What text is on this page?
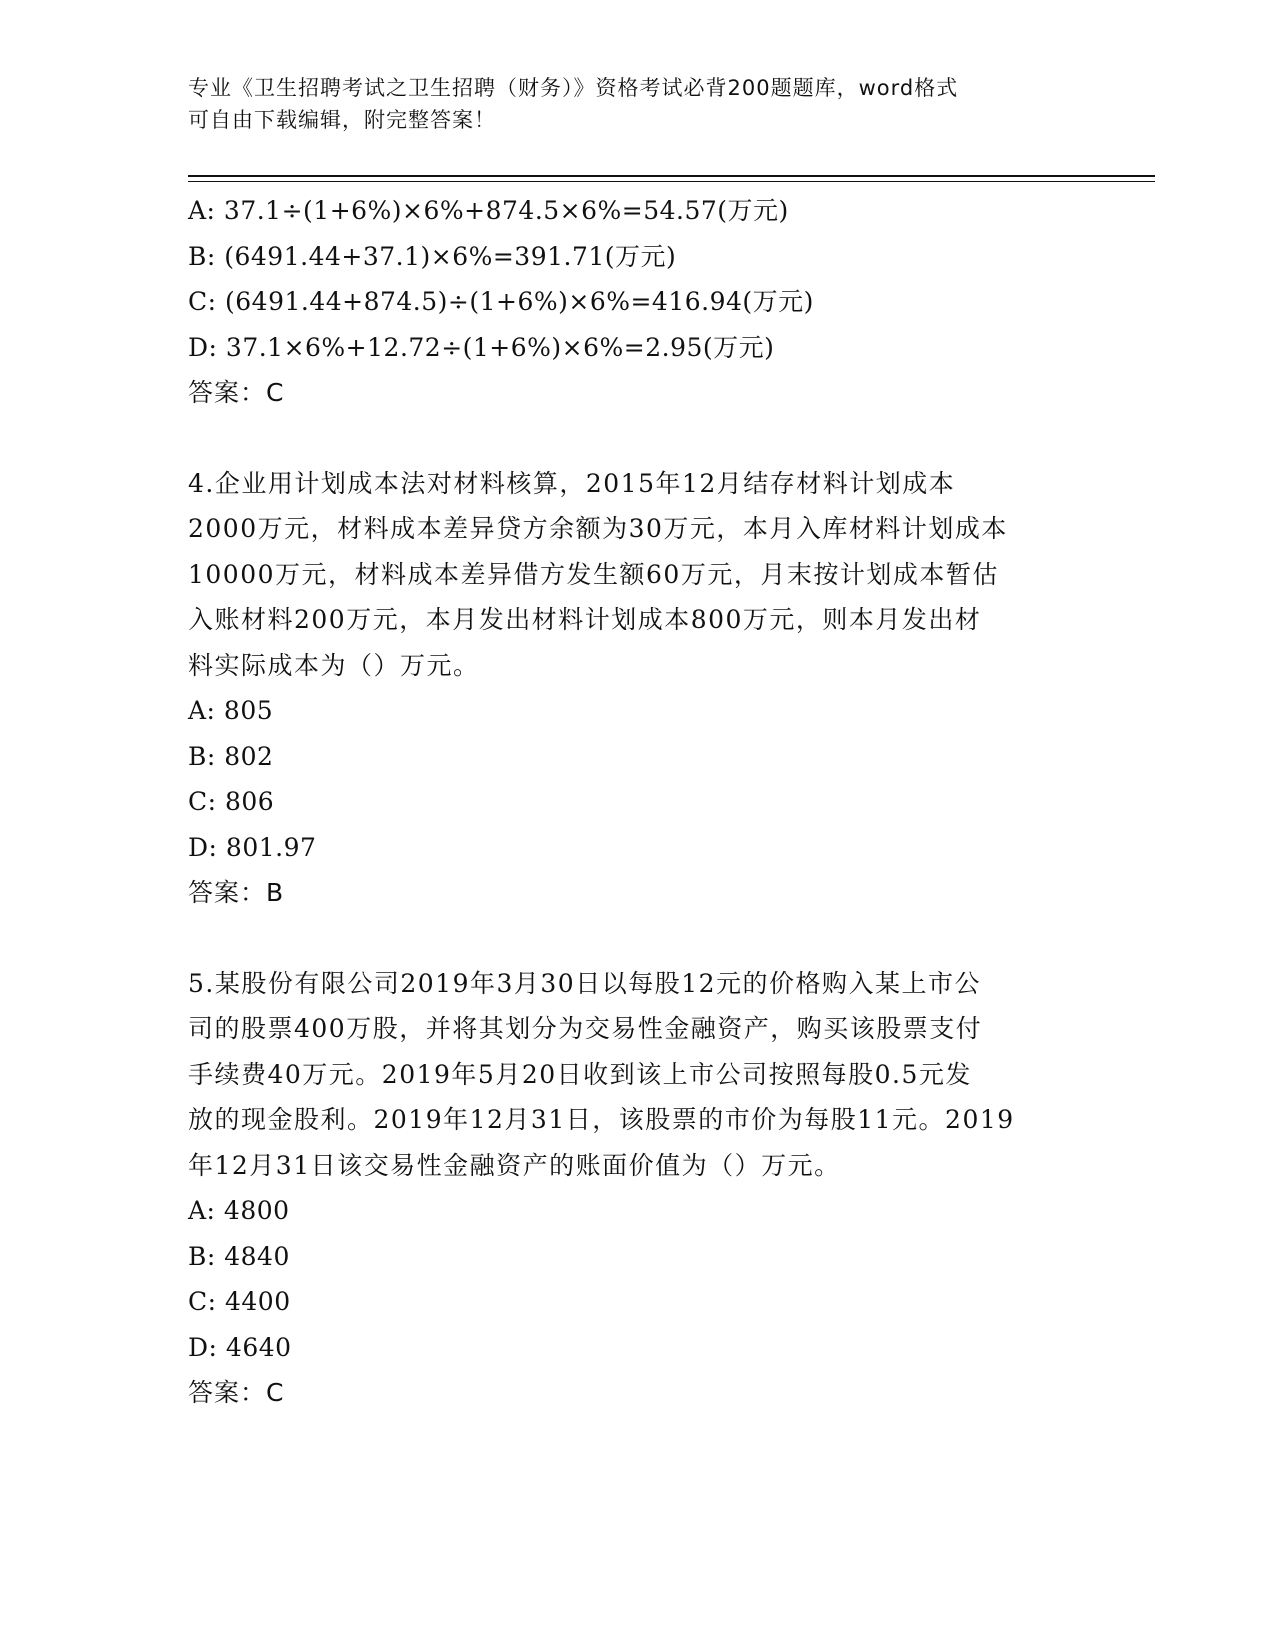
专业《卫生招聘考试之卫生招聘（财务）》资格考试必背200题题库，word格式
可自由下载编辑，附完整答案！
A: 37.1÷(1+6%)×6%+874.5×6%=54.57(万元)
B: (6491.44+37.1)×6%=391.71(万元)
C: (6491.44+874.5)÷(1+6%)×6%=416.94(万元)
D: 37.1×6%+12.72÷(1+6%)×6%=2.95(万元)
答案：C
4.企业用计划成本法对材料核算，2015年12月结存材料计划成本
2000万元，材料成本差异贷方余额为30万元，本月入库材料计划成本
10000万元，材料成本差异借方发生额60万元，月末按计划成本暂估
入账材料200万元，本月发出材料计划成本800万元，则本月发出材
料实际成本为（）万元。
A: 805
B: 802
C: 806
D: 801.97
答案：B
5.某股份有限公司2019年3月30日以每股12元的价格购入某上市公
司的股票400万股，并将其划分为交易性金融资产，购买该股票支付
手续费40万元。2019年5月20日收到该上市公司按照每股0.5元发
放的现金股利。2019年12月31日，该股票的市价为每股11元。2019
年12月31日该交易性金融资产的账面价值为（）万元。
A: 4800
B: 4840
C: 4400
D: 4640
答案：C
